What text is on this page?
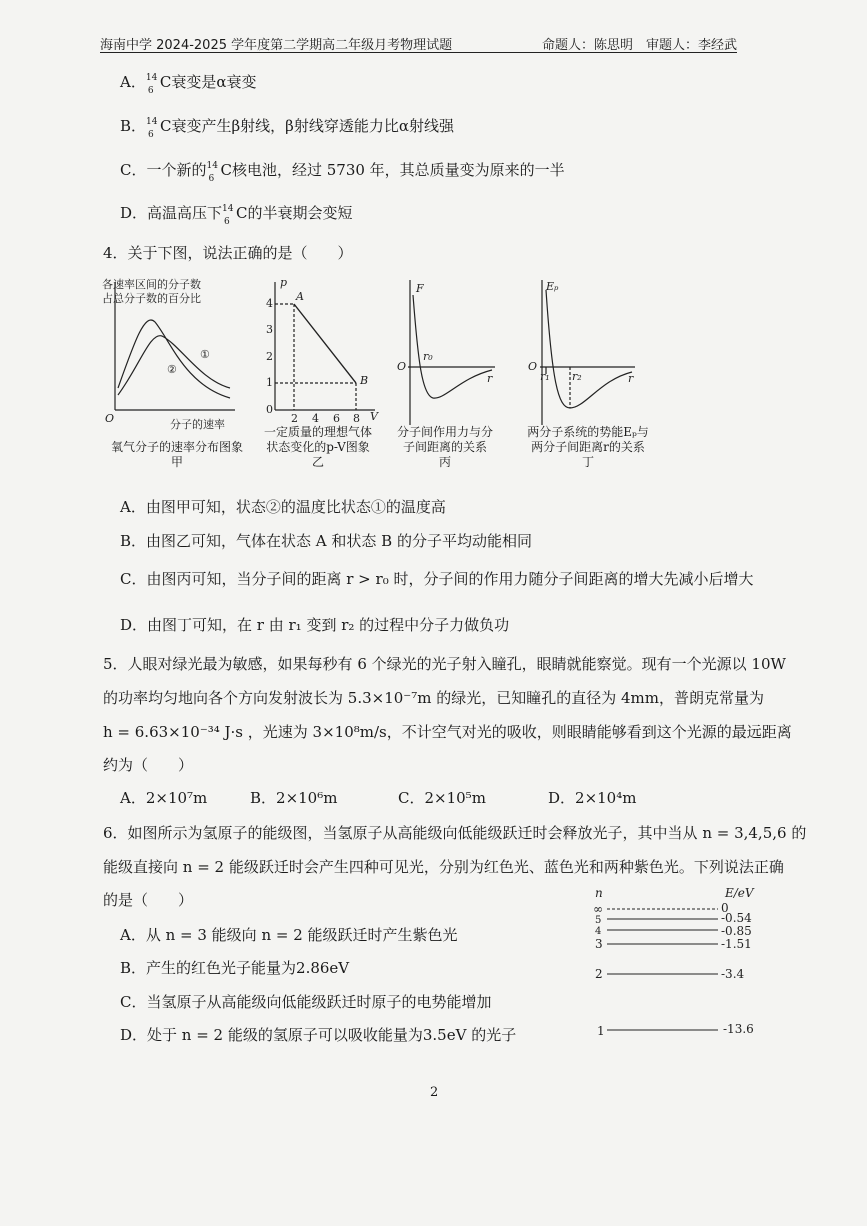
海南中学 2024-2025 学年度第二学期高二年级月考物理试题	命题人：陈思明　审题人：李经武
A． 14
6 C衰变是α衰变
B． 14
6 C衰变产生β射线，β射线穿透能力比α射线强
C．一个新的 14
6 C核电池，经过 5730 年，其总质量变为原来的一半
D．高温高压下 14
6 C的半衰期会变短
4．关于下图，说法正确的是（　　）
O
①
②
p
A
B
V
4
3
2
1
0
2 4 6 8
F
O
r₀
r
Eₚ
O
r₁ r₂	r
各速率区间的分子数
占总分子数的百分比
分子的速率
氧气分子的速率分布图象
甲
一定质量的理想气体
状态变化的p-V图象
乙
分子间作用力与分
子间距离的关系
丙
两分子系统的势能Eₚ与
两分子间距离r的关系
丁
A．由图甲可知，状态②的温度比状态①的温度高
B．由图乙可知，气体在状态 A 和状态 B 的分子平均动能相同
C．由图丙可知，当分子间的距离 r > r₀ 时，分子间的作用力随分子间距离的增大先减小后增大
D．由图丁可知，在 r 由 r₁ 变到 r₂ 的过程中分子力做负功
5．人眼对绿光最为敏感，如果每秒有 6 个绿光的光子射入瞳孔，眼睛就能察觉。现有一个光源以 10W
的功率均匀地向各个方向发射波长为 5.3×10⁻⁷m 的绿光，已知瞳孔的直径为 4mm，普朗克常量为
h = 6.63×10⁻³⁴ J·s ，光速为 3×10⁸m/s，不计空气对光的吸收，则眼睛能够看到这个光源的最远距离
约为（　　）
A．2×10⁷m	B．2×10⁶m	C．2×10⁵m	D．2×10⁴m
6．如图所示为氢原子的能级图，当氢原子从高能级向低能级跃迁时会释放光子，其中当从 n = 3,4,5,6 的
能级直接向 n = 2 能级跃迁时会产生四种可见光，分别为红色光、蓝色光和两种紫色光。下列说法正确
的是（　　）
A．从 n = 3 能级向 n = 2 能级跃迁时产生紫色光
B．产生的红色光子能量为2.86eV
C．当氢原子从高能级向低能级跃迁时原子的电势能增加
D．处于 n = 2 能级的氢原子可以吸收能量为3.5eV 的光子
n	E/eV
∞	0
5	-0.54
4	-0.85
3	-1.51
2	-3.4
1	-13.6
2
